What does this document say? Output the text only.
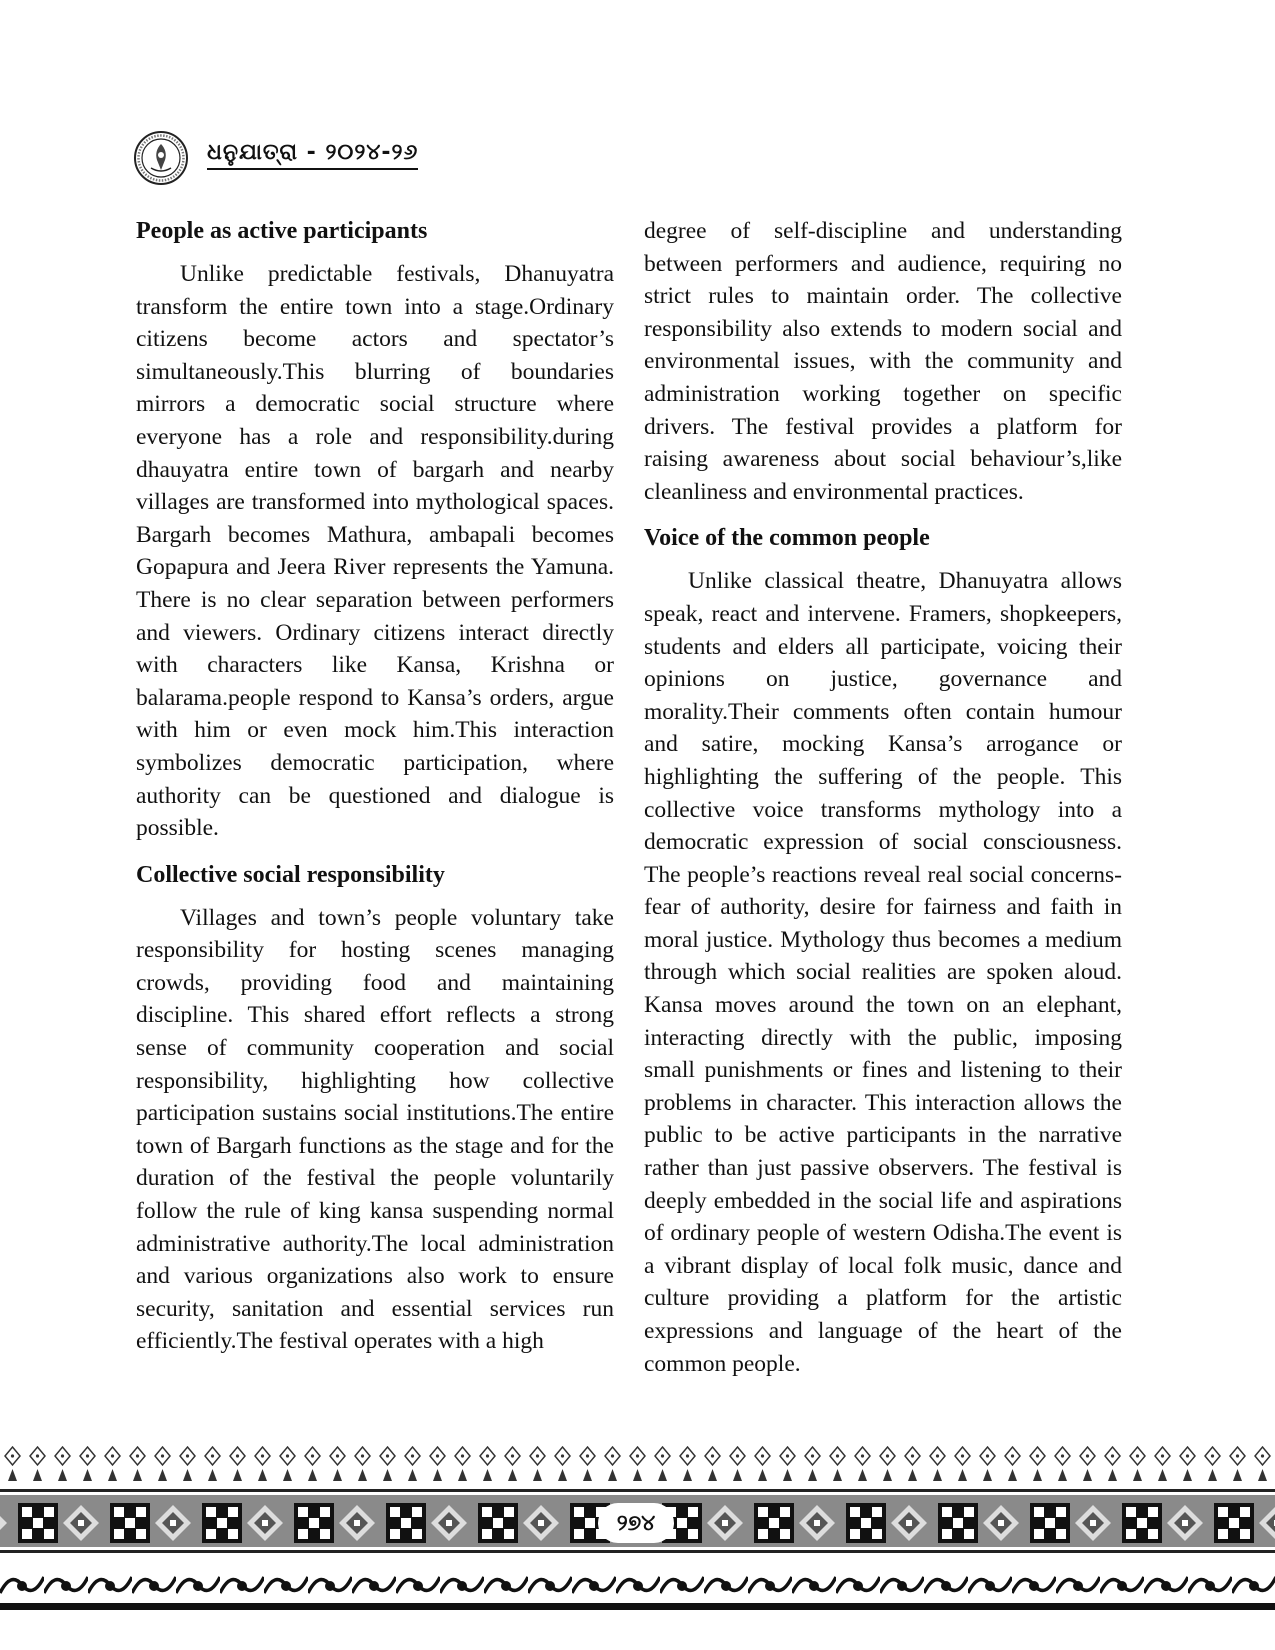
ଧନୁଯାତ୍ରା - ୨୦୨୪-୨୬
People as active participants

Unlike predictable festivals, Dhanuyatra transform the entire town into a stage.Ordinary citizens become actors and spectator’s simultaneously.This blurring of boundaries mirrors a democratic social structure where everyone has a role and responsibility.during dhauyatra entire town of bargarh and nearby villages are transformed into mythological spaces. Bargarh becomes Mathura, ambapali becomes Gopapura and Jeera River represents the Yamuna. There is no clear separation between performers and viewers. Ordinary citizens interact directly with characters like Kansa, Krishna or balarama.people respond to Kansa’s orders, argue with him or even mock him.This interaction symbolizes democratic participation, where authority can be questioned and dialogue is possible.

Collective social responsibility

Villages and town’s people voluntary take responsibility for hosting scenes managing crowds, providing food and maintaining discipline. This shared effort reflects a strong sense of community cooperation and social responsibility, highlighting how collective participation sustains social institutions.The entire town of Bargarh functions as the stage and for the duration of the festival the people voluntarily follow the rule of king kansa suspending normal administrative authority.The local administration and various organizations also work to ensure security, sanitation and essential services run efficiently.The festival operates with a high

degree of self-discipline and understanding between performers and audience, requiring no strict rules to maintain order. The collective responsibility also extends to modern social and environmental issues, with the community and administration working together on specific drivers. The festival provides a platform for raising awareness about social behaviour’s,like cleanliness and environmental practices.

Voice of the common people

Unlike classical theatre, Dhanuyatra allows speak, react and intervene. Framers, shopkeepers, students and elders all participate, voicing their opinions on justice, governance and morality.Their comments often contain humour and satire, mocking Kansa’s arrogance or highlighting the suffering of the people. This collective voice transforms mythology into a democratic expression of social consciousness. The people’s reactions reveal real social concerns-fear of authority, desire for fairness and faith in moral justice. Mythology thus becomes a medium through which social realities are spoken aloud. Kansa moves around the town on an elephant, interacting directly with the public, imposing small punishments or fines and listening to their problems in character. This interaction allows the public to be active participants in the narrative rather than just passive observers. The festival is deeply embedded in the social life and aspirations of ordinary people of western Odisha.The event is a vibrant display of local folk music, dance and culture providing a platform for the artistic expressions and language of the heart of the common people.

୨୭୪
